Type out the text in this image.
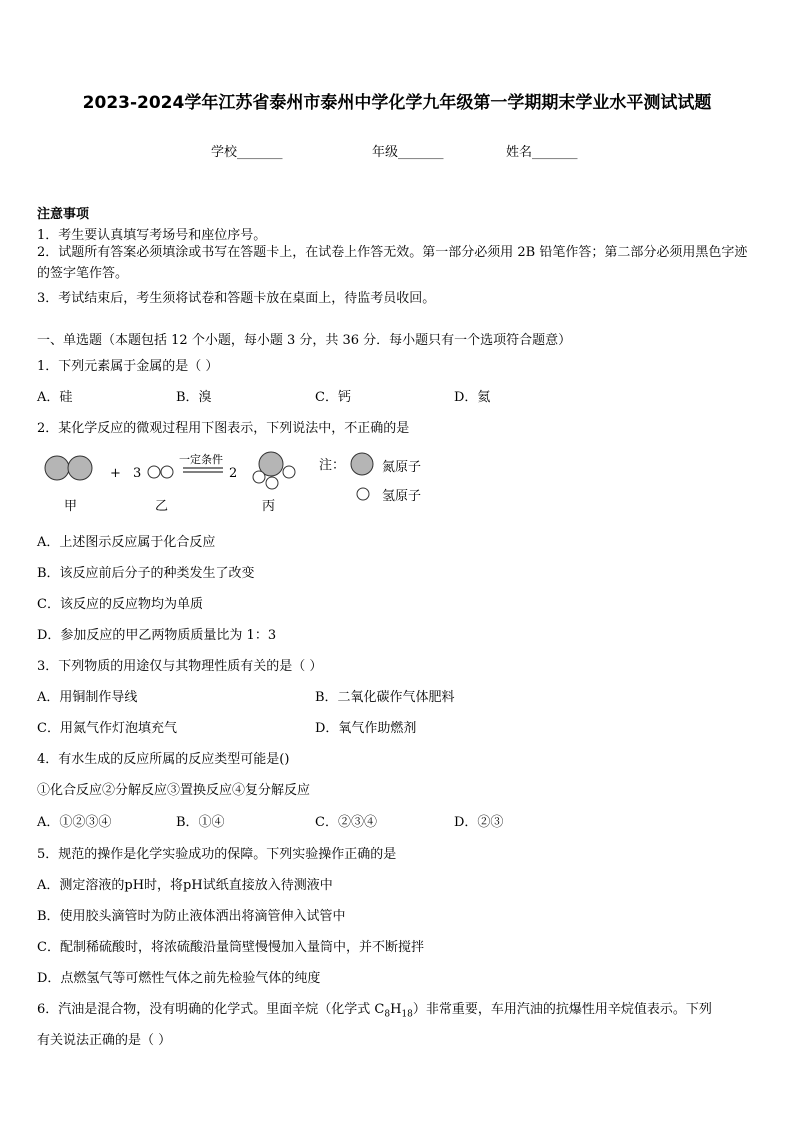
2023-2024学年江苏省泰州市泰州中学化学九年级第一学期期末学业水平测试试题
学校_______	年级_______	姓名_______
注意事项
1．考生要认真填写考场号和座位序号。
2．试题所有答案必须填涂或书写在答题卡上，在试卷上作答无效。第一部分必须用 2B 铅笔作答；第二部分必须用黑色字迹的签字笔作答。
3．考试结束后，考生须将试卷和答题卡放在桌面上，待监考员收回。
一、单选题（本题包括 12 个小题，每小题 3 分，共 36 分．每小题只有一个选项符合题意）
1．下列元素属于金属的是（ ）
A．硅	B．溴	C．钙	D．氦
2．某化学反应的微观过程用下图表示，下列说法中，不正确的是
+ 3
一定条件
2
甲	乙	丙
注：	氮原子
氢原子
A．上述图示反应属于化合反应
B．该反应前后分子的种类发生了改变
C．该反应的反应物均为单质
D．参加反应的甲乙两物质质量比为 1：3
3．下列物质的用途仅与其物理性质有关的是（ ）
A．用铜制作导线	B．二氧化碳作气体肥料
C．用氮气作灯泡填充气	D．氧气作助燃剂
4．有水生成的反应所属的反应类型可能是()
①化合反应②分解反应③置换反应④复分解反应
A．①②③④	B．①④	C．②③④	D．②③
5．规范的操作是化学实验成功的保障。下列实验操作正确的是
A．测定溶液的pH时，将pH试纸直接放入待测液中
B．使用胶头滴管时为防止液体洒出将滴管伸入试管中
C．配制稀硫酸时，将浓硫酸沿量筒壁慢慢加入量筒中，并不断搅拌
D．点燃氢气等可燃性气体之前先检验气体的纯度
6．汽油是混合物，没有明确的化学式。里面辛烷（化学式 $C_8H_{18}$）非常重要，车用汽油的抗爆性用辛烷值表示。下列
有关说法正确的是（ ）
